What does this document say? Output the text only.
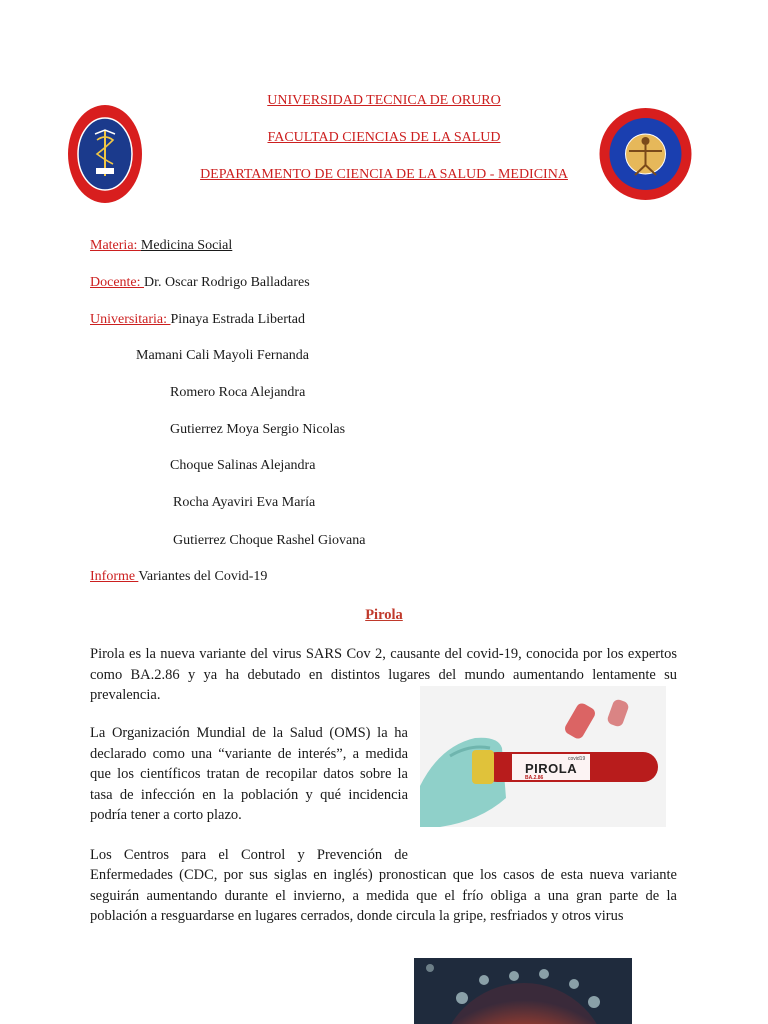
UNIVERSIDAD TECNICA DE ORURO
FACULTAD CIENCIAS DE LA SALUD
DEPARTAMENTO DE CIENCIA DE LA SALUD - MEDICINA
Materia: Medicina Social
Docente: Dr. Oscar Rodrigo Balladares
Universitaria: Pinaya Estrada Libertad
Mamani Cali Mayoli Fernanda
Romero Roca Alejandra
Gutierrez Moya Sergio Nicolas
Choque Salinas Alejandra
Rocha Ayaviri Eva María
Gutierrez Choque Rashel Giovana
Informe Variantes del Covid-19
Pirola
Pirola es la nueva variante del virus SARS Cov 2, causante del covid-19, conocida por los expertos como BA.2.86 y ya ha debutado en distintos lugares del mundo aumentando lentamente su prevalencia.
La Organización Mundial de la Salud (OMS) la ha declarado como una “variante de interés”, a medida que los científicos tratan de recopilar datos sobre la tasa de infección en la población y qué incidencia podría tener a corto plazo.
covid19
PIROLA
BA.2.86
Los Centros para el Control y Prevención de
Enfermedades (CDC, por sus siglas en inglés) pronostican que los casos de esta nueva variante seguirán aumentando durante el invierno, a medida que el frío obliga a una gran parte de la población a resguardarse en lugares cerrados, donde circula la gripe, resfriados y otros virus
